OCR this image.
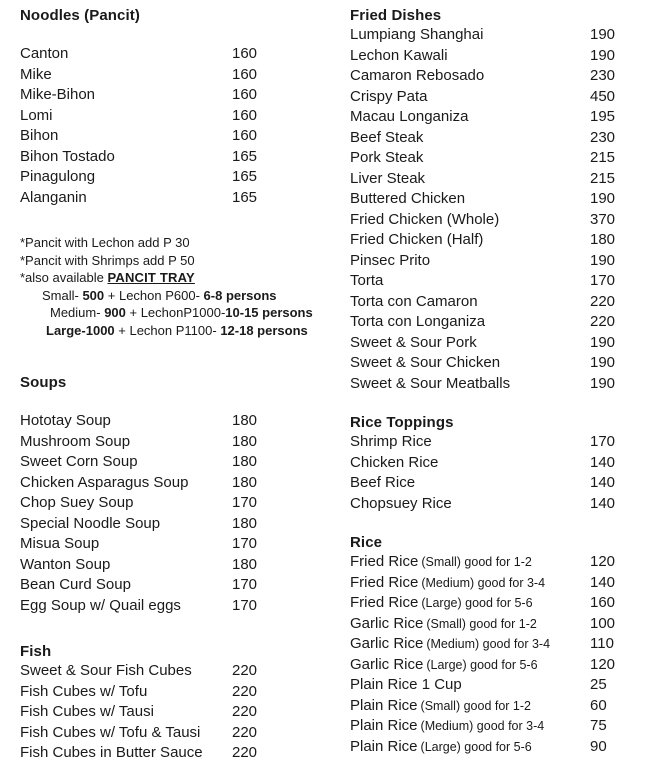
Noodles (Pancit)
Canton	160
Mike	160
Mike-Bihon	160
Lomi	160
Bihon	160
Bihon Tostado	165
Pinagulong	165
Alanganin	165
*Pancit with Lechon add P 30
*Pancit with Shrimps add P 50
*also available PANCIT TRAY
Small- 500 + Lechon P600- 6-8 persons
Medium- 900 + LechonP1000-10-15 persons
Large-1000 + Lechon P1100- 12-18 persons
Soups
Hototay Soup	180
Mushroom Soup	180
Sweet Corn Soup	180
Chicken Asparagus Soup	180
Chop Suey Soup	170
Special Noodle Soup	180
Misua Soup	170
Wanton Soup	180
Bean Curd Soup	170
Egg Soup w/ Quail eggs	170
Fish
Sweet & Sour Fish Cubes	220
Fish Cubes w/ Tofu	220
Fish Cubes w/ Tausi	220
Fish Cubes w/ Tofu & Tausi 220
Fish Cubes in Butter Sauce 220
Fried Dishes
Lumpiang Shanghai	190
Lechon Kawali	190
Camaron Rebosado	230
Crispy Pata	450
Macau Longaniza	195
Beef Steak	230
Pork Steak	215
Liver Steak	215
Buttered Chicken	190
Fried Chicken (Whole)	370
Fried Chicken (Half)	180
Pinsec Prito	190
Torta	170
Torta con Camaron	220
Torta con Longaniza	220
Sweet & Sour Pork	190
Sweet & Sour Chicken	190
Sweet & Sour Meatballs	190
Rice Toppings
Shrimp Rice	170
Chicken Rice	140
Beef Rice	140
Chopsuey Rice	140
Rice
Fried Rice (Small) good for 1-2	120
Fried Rice (Medium) good for 3-4	140
Fried Rice (Large) good for 5-6	160
Garlic Rice (Small) good for 1-2	100
Garlic Rice (Medium) good for 3-4	110
Garlic Rice (Large) good for 5-6	120
Plain Rice 1 Cup	25
Plain Rice (Small) good for 1-2	60
Plain Rice (Medium) good for 3-4	75
Plain Rice (Large) good for 5-6	90
